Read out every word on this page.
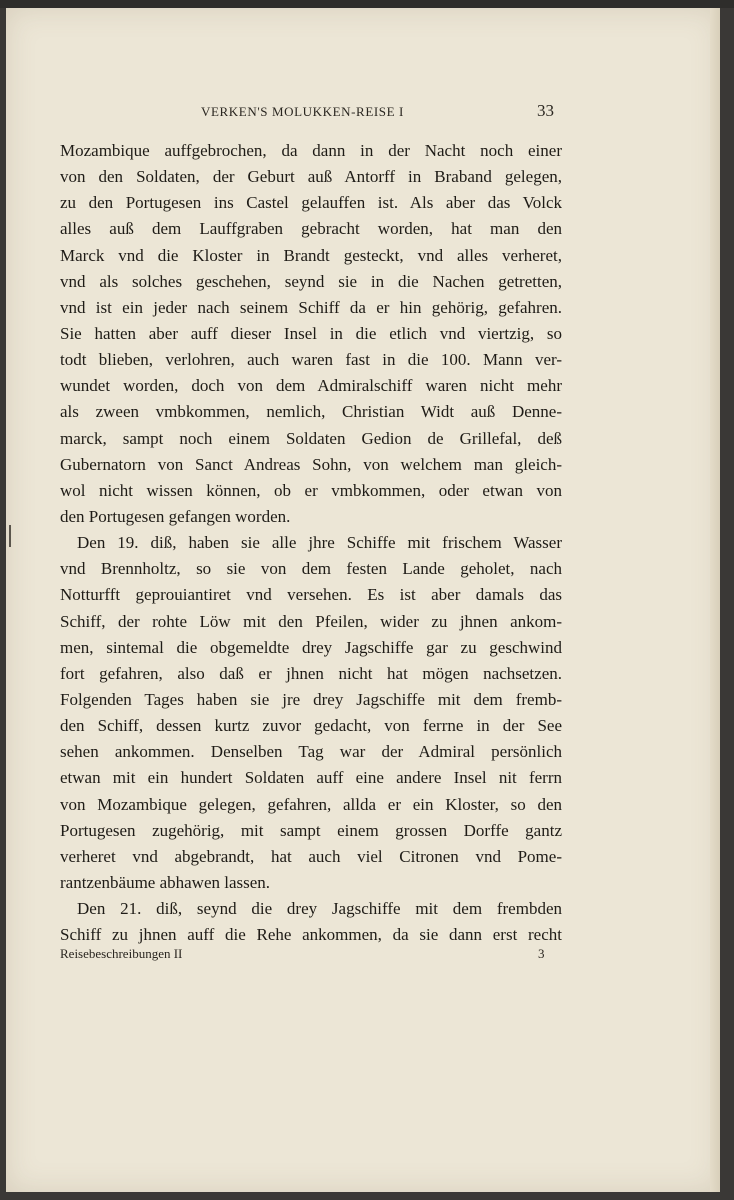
VERKEN'S MOLUKKEN-REISE I	33
Mozambique auffgebrochen, da dann in der Nacht noch einer
von den Soldaten, der Geburt auß Antorff in Braband gelegen,
zu den Portugesen ins Castel gelauffen ist. Als aber das Volck
alles auß dem Lauffgraben gebracht worden, hat man den
Marck vnd die Kloster in Brandt gesteckt, vnd alles verheret,
vnd als solches geschehen, seynd sie in die Nachen getretten,
vnd ist ein jeder nach seinem Schiff da er hin gehörig, gefahren.
Sie hatten aber auff dieser Insel in die etlich vnd viertzig, so
todt blieben, verlohren, auch waren fast in die 100. Mann ver-
wundet worden, doch von dem Admiralschiff waren nicht mehr
als zween vmbkommen, nemlich, Christian Widt auß Denne-
marck, sampt noch einem Soldaten Gedion de Grillefal, deß
Gubernatorn von Sanct Andreas Sohn, von welchem man gleich-
wol nicht wissen können, ob er vmbkommen, oder etwan von
den Portugesen gefangen worden.
Den 19. diß, haben sie alle jhre Schiffe mit frischem Wasser
vnd Brennholtz, so sie von dem festen Lande geholet, nach
Notturfft geprouiantiret vnd versehen. Es ist aber damals das
Schiff, der rohte Löw mit den Pfeilen, wider zu jhnen ankom-
men, sintemal die obgemeldte drey Jagschiffe gar zu geschwind
fort gefahren, also daß er jhnen nicht hat mögen nachsetzen.
Folgenden Tages haben sie jre drey Jagschiffe mit dem fremb-
den Schiff, dessen kurtz zuvor gedacht, von ferrne in der See
sehen ankommen. Denselben Tag war der Admiral persönlich
etwan mit ein hundert Soldaten auff eine andere Insel nit ferrn
von Mozambique gelegen, gefahren, allda er ein Kloster, so den
Portugesen zugehörig, mit sampt einem grossen Dorffe gantz
verheret vnd abgebrandt, hat auch viel Citronen vnd Pome-
rantzenbäume abhawen lassen.
Den 21. diß, seynd die drey Jagschiffe mit dem frembden
Schiff zu jhnen auff die Rehe ankommen, da sie dann erst recht
Reisebeschreibungen II	3
